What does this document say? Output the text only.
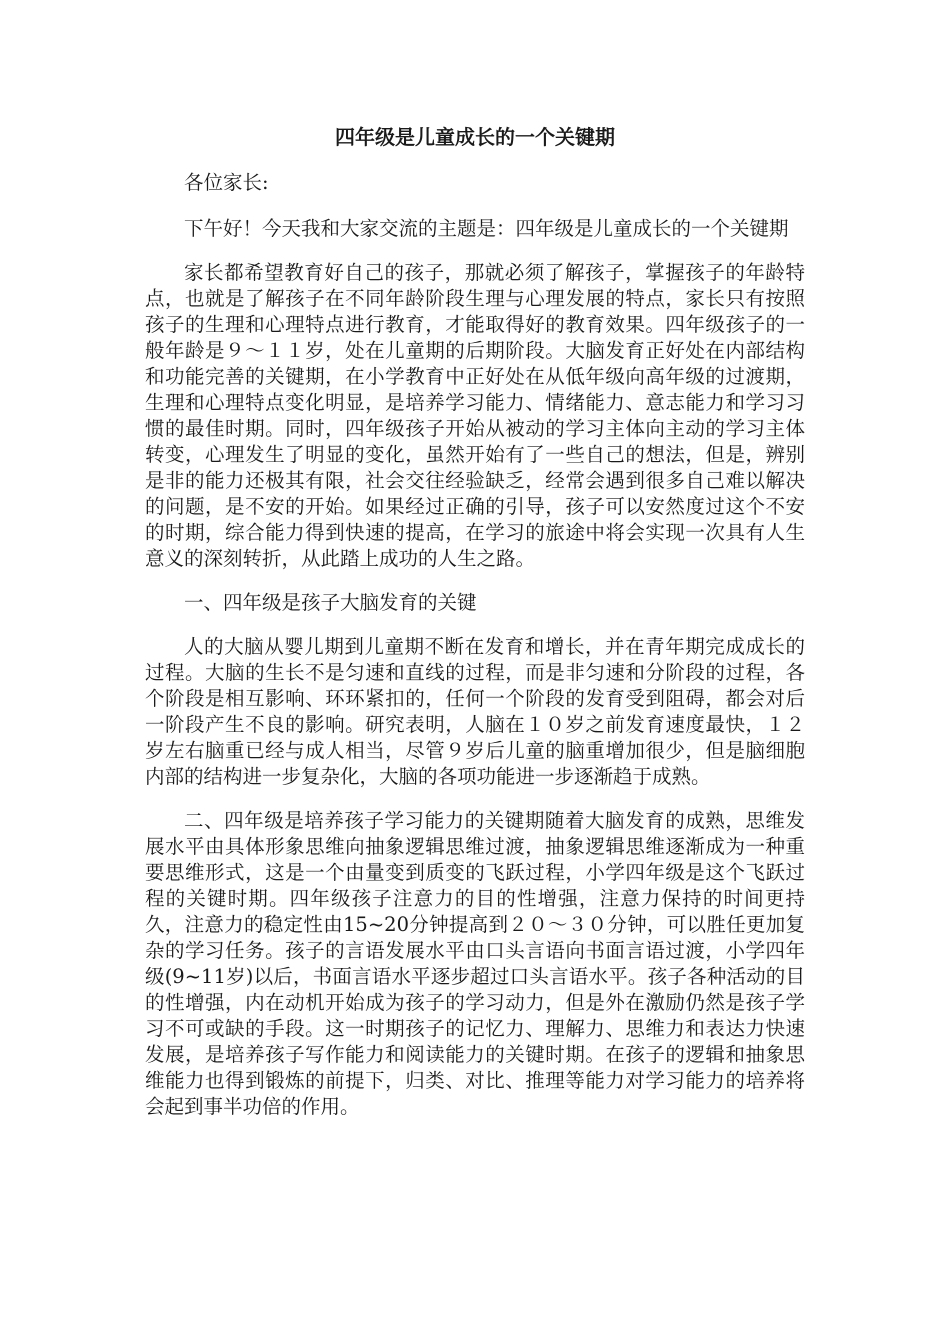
四年级是儿童成长的一个关键期

各位家长:

下午好！今天我和大家交流的主题是：四年级是儿童成长的一个关键期

家长都希望教育好自己的孩子，那就必须了解孩子，掌握孩子的年龄特点，也就是了解孩子在不同年龄阶段生理与心理发展的特点，家长只有按照孩子的生理和心理特点进行教育，才能取得好的教育效果。四年级孩子的一般年龄是９～１１岁，处在儿童期的后期阶段。大脑发育正好处在内部结构和功能完善的关键期，在小学教育中正好处在从低年级向高年级的过渡期，生理和心理特点变化明显，是培养学习能力、情绪能力、意志能力和学习习惯的最佳时期。同时，四年级孩子开始从被动的学习主体向主动的学习主体转变，心理发生了明显的变化，虽然开始有了一些自己的想法，但是，辨别是非的能力还极其有限，社会交往经验缺乏，经常会遇到很多自己难以解决的问题，是不安的开始。如果经过正确的引导，孩子可以安然度过这个不安的时期，综合能力得到快速的提高，在学习的旅途中将会实现一次具有人生意义的深刻转折，从此踏上成功的人生之路。

一、四年级是孩子大脑发育的关键

人的大脑从婴儿期到儿童期不断在发育和增长，并在青年期完成成长的过程。大脑的生长不是匀速和直线的过程，而是非匀速和分阶段的过程，各个阶段是相互影响、环环紧扣的，任何一个阶段的发育受到阻碍，都会对后一阶段产生不良的影响。研究表明，人脑在１０岁之前发育速度最快，１２岁左右脑重已经与成人相当，尽管９岁后儿童的脑重增加很少，但是脑细胞内部的结构进一步复杂化，大脑的各项功能进一步逐渐趋于成熟。

二、四年级是培养孩子学习能力的关键期随着大脑发育的成熟，思维发展水平由具体形象思维向抽象逻辑思维过渡，抽象逻辑思维逐渐成为一种重要思维形式，这是一个由量变到质变的飞跃过程，小学四年级是这个飞跃过程的关键时期。四年级孩子注意力的目的性增强，注意力保持的时间更持久，注意力的稳定性由15~20分钟提高到２０～３０分钟，可以胜任更加复杂的学习任务。孩子的言语发展水平由口头言语向书面言语过渡，小学四年级(9~11岁)以后，书面言语水平逐步超过口头言语水平。孩子各种活动的目的性增强，内在动机开始成为孩子的学习动力，但是外在激励仍然是孩子学习不可或缺的手段。这一时期孩子的记忆力、理解力、思维力和表达力快速发展，是培养孩子写作能力和阅读能力的关键时期。在孩子的逻辑和抽象思维能力也得到锻炼的前提下，归类、对比、推理等能力对学习能力的培养将会起到事半功倍的作用。
